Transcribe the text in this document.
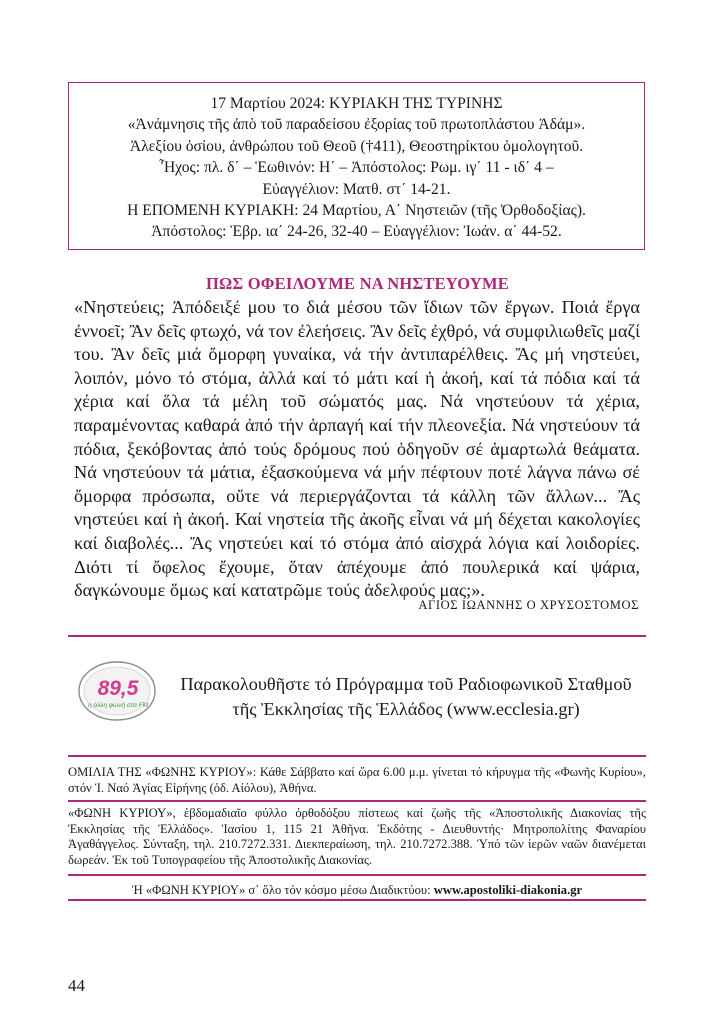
17 Μαρτίου 2024: ΚΥΡΙΑΚΗ ΤΗΣ ΤΥΡΙΝΗΣ
«Ἀνάμνησις τῆς ἀπὸ τοῦ παραδείσου ἐξορίας τοῦ πρωτοπλάστου Ἀδάμ».
Ἀλεξίου ὁσίου, ἀνθρώπου τοῦ Θεοῦ (†411), Θεοστηρίκτου ὁμολογητοῦ.
Ἦχος: πλ. δ΄ – Ἑωθινόν: Η΄ – Ἀπόστολος: Ρωμ. ιγ΄ 11 - ιδ΄ 4 –
Εὐαγγέλιον: Ματθ. στ΄ 14-21.
Η ΕΠΟΜΕΝΗ ΚΥΡΙΑΚΗ: 24 Μαρτίου, Α΄ Νηστειῶν (τῆς Ὀρθοδοξίας).
Ἀπόστολος: Ἑβρ. ια΄ 24-26, 32-40 – Εὐαγγέλιον: Ἰωάν. α΄ 44-52.
ΠΩΣ ΟΦΕΙΛΟΥΜΕ ΝΑ ΝΗΣΤΕΥΟΥΜΕ

«Νηστεύεις; Ἀπόδειξέ μου το διά μέσου τῶν ἴδιων τῶν ἔργων. Ποιά ἔργα ἐννοεῖ; Ἂν δεῖς φτωχό, νά τον ἐλεήσεις. Ἂν δεῖς ἐχθρό, νά συμφιλιωθεῖς μαζί του. Ἂν δεῖς μιά ὄμορφη γυναίκα, νά τήν ἀντιπαρέλθεις. Ἄς μή νηστεύει, λοιπόν, μόνο τό στόμα, ἀλλά καί τό μάτι καί ἡ ἀκοή, καί τά πόδια καί τά χέρια καί ὅλα τά μέλη τοῦ σώματός μας. Νά νηστεύουν τά χέρια, παραμένοντας καθαρά ἀπό τήν ἁρπαγή καί τήν πλεονεξία. Νά νηστεύουν τά πόδια, ξεκόβοντας ἀπό τούς δρόμους πού ὁδηγοῦν σέ ἁμαρτωλά θεάματα. Νά νηστεύουν τά μάτια, ἐξασκούμενα νά μήν πέφτουν ποτέ λάγνα πάνω σέ ὄμορφα πρόσωπα, οὔτε νά περιεργάζονται τά κάλλη τῶν ἄλλων... Ἄς νηστεύει καί ἡ ἀκοή. Καί νηστεία τῆς ἀκοῆς εἶναι νά μή δέχεται κακολογίες καί διαβολές... Ἄς νηστεύει καί τό στόμα ἀπό αἰσχρά λόγια καί λοιδορίες. Διότι τί ὄφελος ἔχουμε, ὅταν ἀπέχουμε ἀπό πουλερικά καί ψάρια, δαγκώνουμε ὅμως καί κατατρῶμε τούς ἀδελφούς μας;».

ΑΓΙΟΣ ΙΩΑΝΝΗΣ Ο ΧΡΥΣΟΣΤΟΜΟΣ
89,5
η άλλη φωνή στα FM
Παρακολουθῆστε τό Πρόγραμμα τοῦ Ραδιοφωνικοῦ Σταθμοῦ
τῆς Ἐκκλησίας τῆς Ἑλλάδος (www.ecclesia.gr)

ΟΜΙΛΙΑ ΤΗΣ «ΦΩΝΗΣ ΚΥΡΙΟΥ»: Κάθε Σάββατο καί ὥρα 6.00 μ.μ. γίνεται τό κήρυγμα τῆς «Φωνῆς Κυρίου», στόν Ἱ. Ναό Ἁγίας Εἰρήνης (ὁδ. Αἰόλου), Ἀθήνα.

«ΦΩΝΗ ΚΥΡΙΟΥ», ἑβδομαδιαῖο φύλλο ὀρθοδόξου πίστεως καί ζωῆς τῆς «Ἀποστολικῆς Διακονίας τῆς Ἐκκλησίας τῆς Ἑλλάδος». Ἰασίου 1, 115 21 Ἀθῆνα. Ἐκδότης - Διευθυντής· Μητροπολίτης Φαναρίου Ἀγαθάγγελος. Σύνταξη, τηλ. 210.7272.331. Διεκπεραίωση, τηλ. 210.7272.388. Ὑπό τῶν ἱερῶν ναῶν διανέμεται δωρεάν. Ἐκ τοῦ Τυπογραφείου τῆς Ἀποστολικῆς Διακονίας.

Ἡ «ΦΩΝΗ ΚΥΡΙΟΥ» σ᾽ ὅλο τόν κόσμο μέσω Διαδικτύου: www.apostoliki-diakonia.gr
44
